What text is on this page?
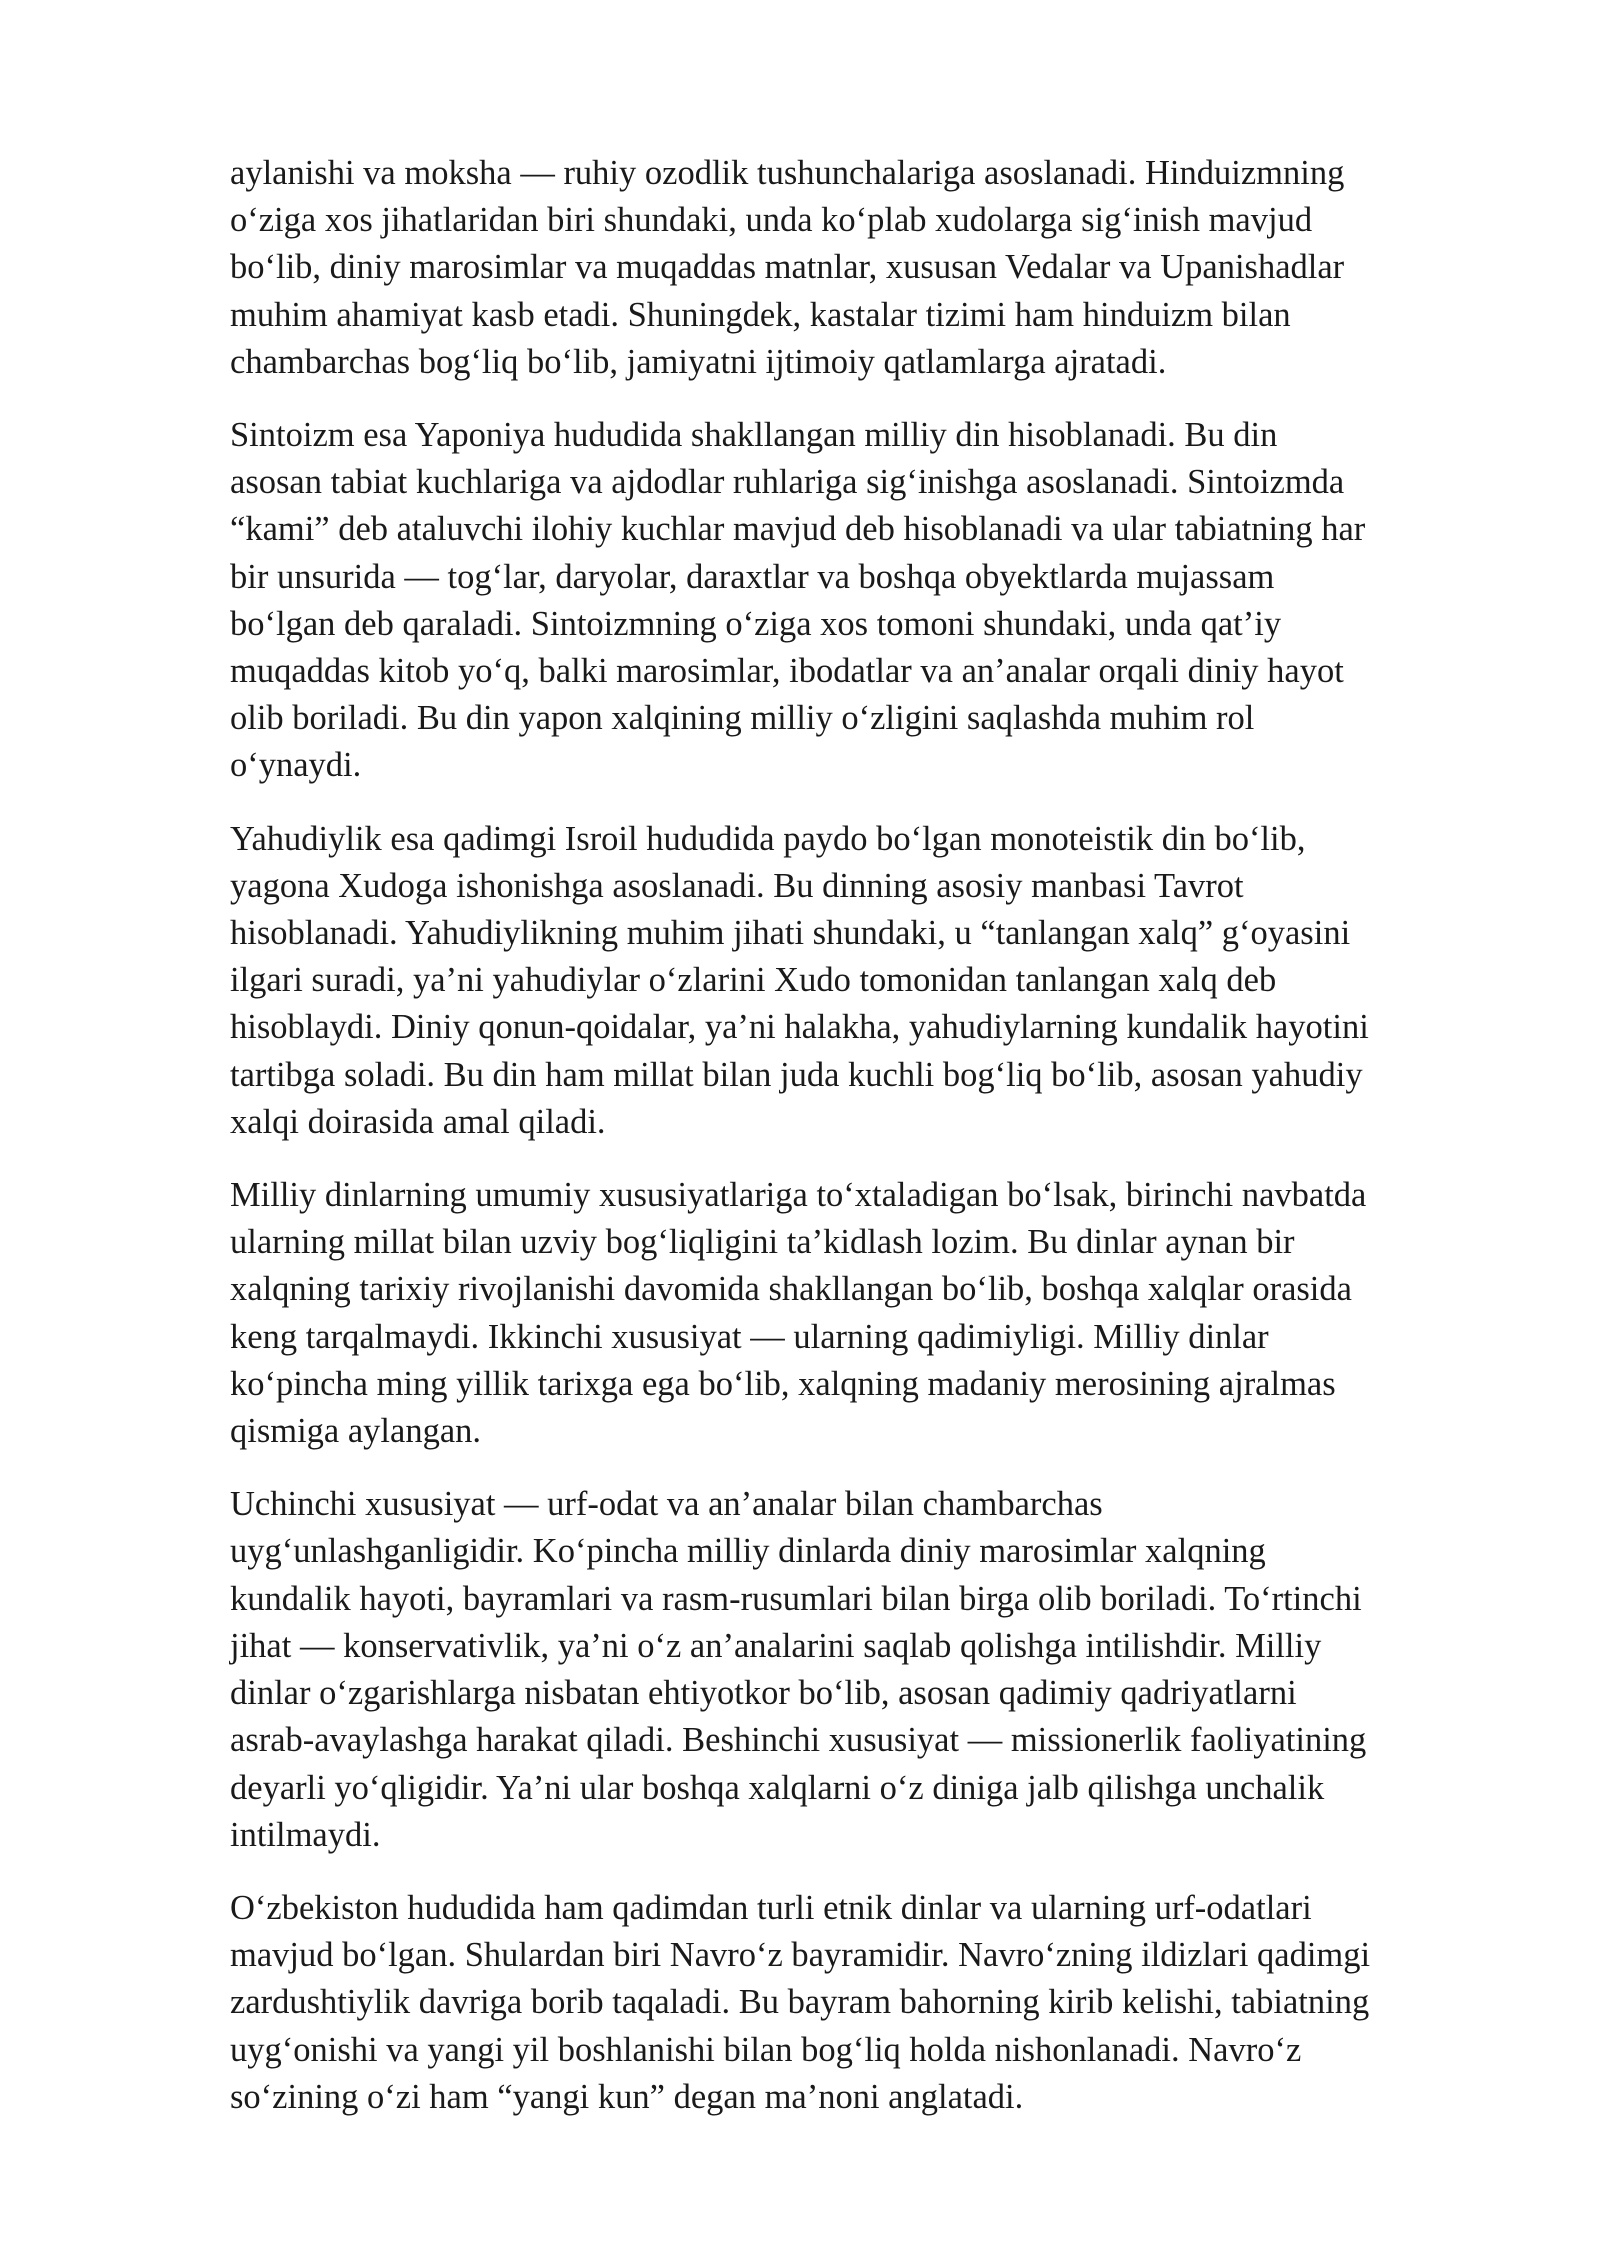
aylanishi va moksha — ruhiy ozodlik tushunchalariga asoslanadi. Hinduizmning
o‘ziga xos jihatlaridan biri shundaki, unda ko‘plab xudolarga sig‘inish mavjud
bo‘lib, diniy marosimlar va muqaddas matnlar, xususan Vedalar va Upanishadlar
muhim ahamiyat kasb etadi. Shuningdek, kastalar tizimi ham hinduizm bilan
chambarchas bog‘liq bo‘lib, jamiyatni ijtimoiy qatlamlarga ajratadi.

Sintoizm esa Yaponiya hududida shakllangan milliy din hisoblanadi. Bu din
asosan tabiat kuchlariga va ajdodlar ruhlariga sig‘inishga asoslanadi. Sintoizmda
“kami” deb ataluvchi ilohiy kuchlar mavjud deb hisoblanadi va ular tabiatning har
bir unsurida — tog‘lar, daryolar, daraxtlar va boshqa obyektlarda mujassam
bo‘lgan deb qaraladi. Sintoizmning o‘ziga xos tomoni shundaki, unda qat’iy
muqaddas kitob yo‘q, balki marosimlar, ibodatlar va an’analar orqali diniy hayot
olib boriladi. Bu din yapon xalqining milliy o‘zligini saqlashda muhim rol
o‘ynaydi.

Yahudiylik esa qadimgi Isroil hududida paydo bo‘lgan monoteistik din bo‘lib,
yagona Xudoga ishonishga asoslanadi. Bu dinning asosiy manbasi Tavrot
hisoblanadi. Yahudiylikning muhim jihati shundaki, u “tanlangan xalq” g‘oyasini
ilgari suradi, ya’ni yahudiylar o‘zlarini Xudo tomonidan tanlangan xalq deb
hisoblaydi. Diniy qonun-qoidalar, ya’ni halakha, yahudiylarning kundalik hayotini
tartibga soladi. Bu din ham millat bilan juda kuchli bog‘liq bo‘lib, asosan yahudiy
xalqi doirasida amal qiladi.

Milliy dinlarning umumiy xususiyatlariga to‘xtaladigan bo‘lsak, birinchi navbatda
ularning millat bilan uzviy bog‘liqligini ta’kidlash lozim. Bu dinlar aynan bir
xalqning tarixiy rivojlanishi davomida shakllangan bo‘lib, boshqa xalqlar orasida
keng tarqalmaydi. Ikkinchi xususiyat — ularning qadimiyligi. Milliy dinlar
ko‘pincha ming yillik tarixga ega bo‘lib, xalqning madaniy merosining ajralmas
qismiga aylangan.

Uchinchi xususiyat — urf-odat va an’analar bilan chambarchas
uyg‘unlashganligidir. Ko‘pincha milliy dinlarda diniy marosimlar xalqning
kundalik hayoti, bayramlari va rasm-rusumlari bilan birga olib boriladi. To‘rtinchi
jihat — konservativlik, ya’ni o‘z an’analarini saqlab qolishga intilishdir. Milliy
dinlar o‘zgarishlarga nisbatan ehtiyotkor bo‘lib, asosan qadimiy qadriyatlarni
asrab-avaylashga harakat qiladi. Beshinchi xususiyat — missionerlik faoliyatining
deyarli yo‘qligidir. Ya’ni ular boshqa xalqlarni o‘z diniga jalb qilishga unchalik
intilmaydi.

O‘zbekiston hududida ham qadimdan turli etnik dinlar va ularning urf-odatlari
mavjud bo‘lgan. Shulardan biri Navro‘z bayramidir. Navro‘zning ildizlari qadimgi
zardushtiylik davriga borib taqaladi. Bu bayram bahorning kirib kelishi, tabiatning
uyg‘onishi va yangi yil boshlanishi bilan bog‘liq holda nishonlanadi. Navro‘z
so‘zining o‘zi ham “yangi kun” degan ma’noni anglatadi.
